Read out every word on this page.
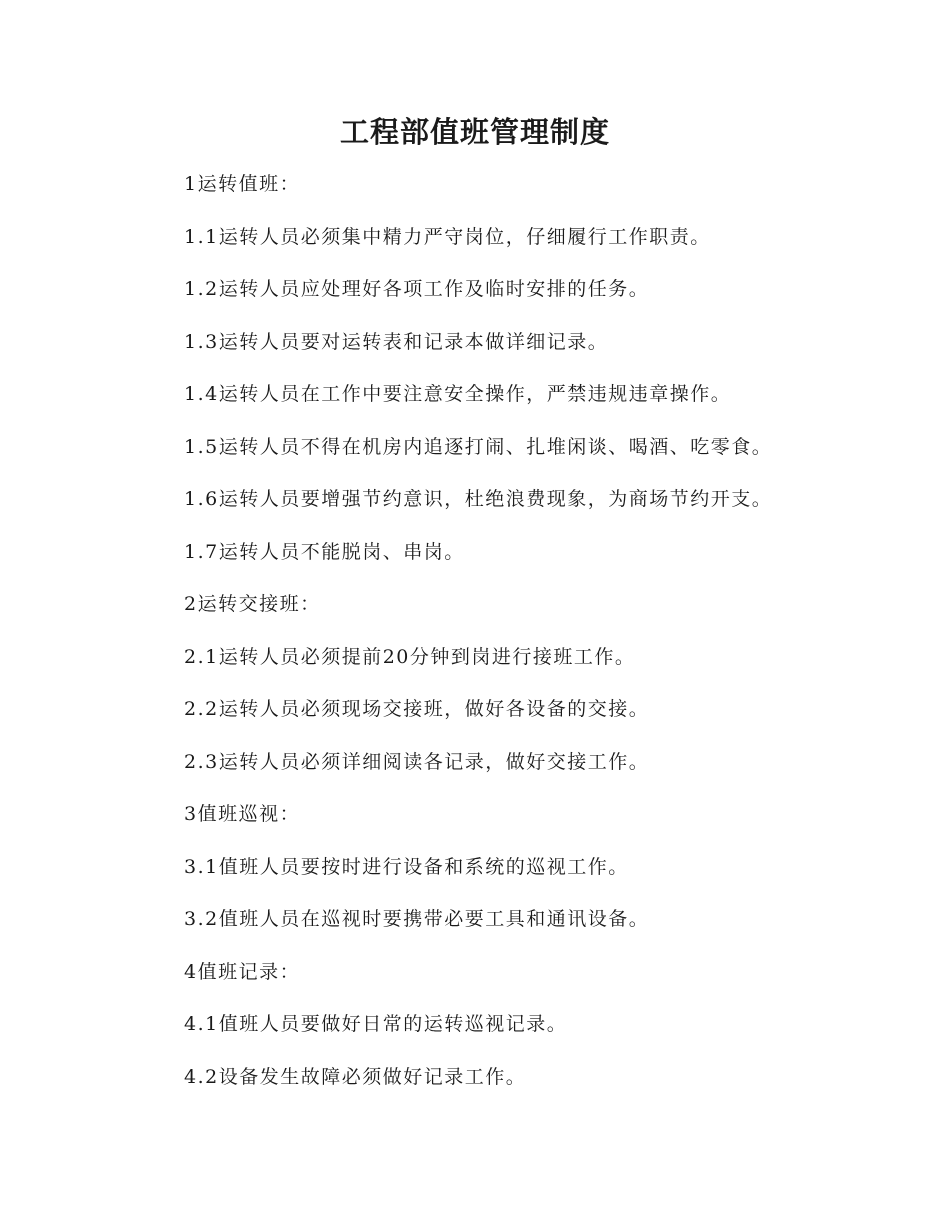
工程部值班管理制度
1运转值班：
1.1运转人员必须集中精力严守岗位，仔细履行工作职责。
1.2运转人员应处理好各项工作及临时安排的任务。
1.3运转人员要对运转表和记录本做详细记录。
1.4运转人员在工作中要注意安全操作，严禁违规违章操作。
1.5运转人员不得在机房内追逐打闹、扎堆闲谈、喝酒、吃零食。
1.6运转人员要增强节约意识，杜绝浪费现象，为商场节约开支。
1.7运转人员不能脱岗、串岗。
2运转交接班：
2.1运转人员必须提前20分钟到岗进行接班工作。
2.2运转人员必须现场交接班，做好各设备的交接。
2.3运转人员必须详细阅读各记录，做好交接工作。
3值班巡视：
3.1值班人员要按时进行设备和系统的巡视工作。
3.2值班人员在巡视时要携带必要工具和通讯设备。
4值班记录：
4.1值班人员要做好日常的运转巡视记录。
4.2设备发生故障必须做好记录工作。
